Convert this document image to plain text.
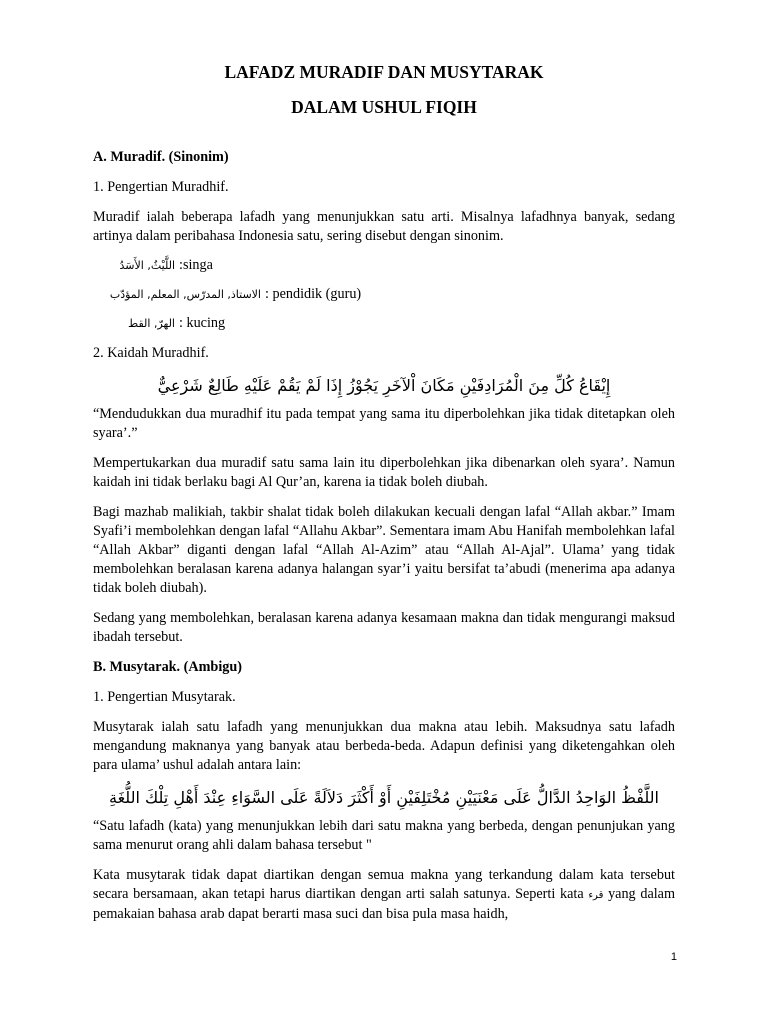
LAFADZ MURADIF DAN MUSYTARAK
DALAM USHUL FIQIH

A. Muradif. (Sinonim)

1. Pengertian Muradhif.

Muradif ialah beberapa lafadh yang menunjukkan satu arti. Misalnya lafadhnya banyak, sedang artinya dalam peribahasa Indonesia satu, sering disebut dengan sinonim.

اللَّيْثُ, الأَسَدُ :singa
الاستاذ, المدرّس, المعلم, المؤدّب : pendidik (guru)
الهرّ, القط : kucing

2. Kaidah Muradhif.

إِيْقَاعُ كُلِّ مِنَ الْمُرَادِفَيْنِ مَكَانَ اْلآخَرِ يَجُوْزُ إِذَا لَمْ يَقُمْ عَلَيْهِ طَالِعٌ شَرْعِيٌّ

“Mendudukkan dua muradhif itu pada tempat yang sama itu diperbolehkan jika tidak ditetapkan oleh syara’.”

Mempertukarkan dua muradif satu sama lain itu diperbolehkan jika dibenarkan oleh syara’. Namun kaidah ini tidak berlaku bagi Al Qur’an, karena ia tidak boleh diubah.

Bagi mazhab malikiah, takbir shalat tidak boleh dilakukan kecuali dengan lafal “Allah akbar.” Imam Syafi’i membolehkan dengan lafal “Allahu Akbar”. Sementara imam Abu Hanifah membolehkan lafal “Allah Akbar” diganti dengan lafal “Allah Al-Azim” atau “Allah Al-Ajal”. Ulama’ yang tidak membolehkan beralasan karena adanya halangan syar’i yaitu bersifat ta’abudi (menerima apa adanya tidak boleh diubah).

Sedang yang membolehkan, beralasan karena adanya kesamaan makna dan tidak mengurangi maksud ibadah tersebut.

B. Musytarak. (Ambigu)

1. Pengertian Musytarak.

Musytarak ialah satu lafadh yang menunjukkan dua makna atau lebih. Maksudnya satu lafadh mengandung maknanya yang banyak atau berbeda-beda. Adapun definisi yang diketengahkan oleh para ulama’ ushul adalah antara lain:

اللَّفْظُ الوَاحِدُ الدَّالُّ عَلَى مَعْنَيَيْنِ مُخْتَلِفَيْنِ أَوْ أَكْثَرَ دَلاَلَةً عَلَى السَّوَاءِ عِنْدَ أَهْلِ تِلْكَ اللُّغَةِ

“Satu lafadh (kata) yang menunjukkan lebih dari satu makna yang berbeda, dengan penunjukan yang sama menurut orang ahli dalam bahasa tersebut "

Kata musytarak tidak dapat diartikan dengan semua makna yang terkandung dalam kata tersebut secara bersamaan, akan tetapi harus diartikan dengan arti salah satunya. Seperti kata قرء yang dalam pemakaian bahasa arab dapat berarti masa suci dan bisa pula masa haidh,

1
